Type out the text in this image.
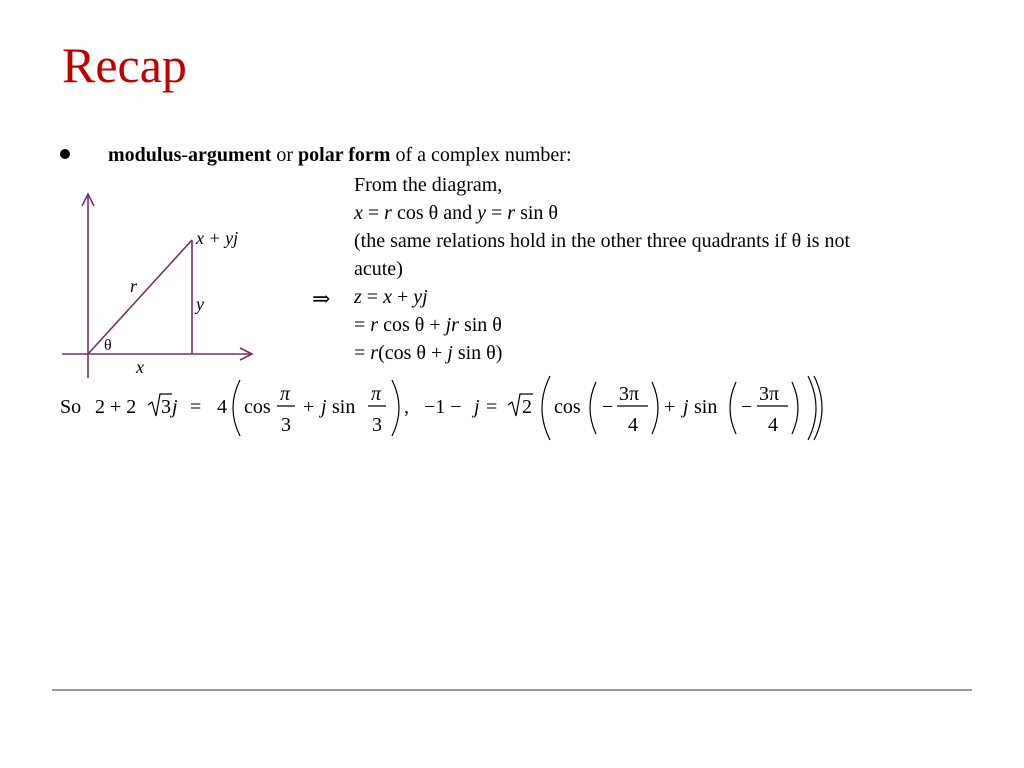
Recap
modulus-argument or polar form of a complex number:
x + yj
r
y
θ
x
From the diagram,
x = r cos θ and y = r sin θ
(the same relations hold in the other three quadrants if θ is not
acute)
z = x + yj
= r cos θ + jr sin θ
= r(cos θ + j sin θ)
⇒
So 2 + 2 3 j = 4 cos
π
3
+ j sin
π
3
, −1 − j = 2 cos −
3π
4
+ j sin −
3π
4
